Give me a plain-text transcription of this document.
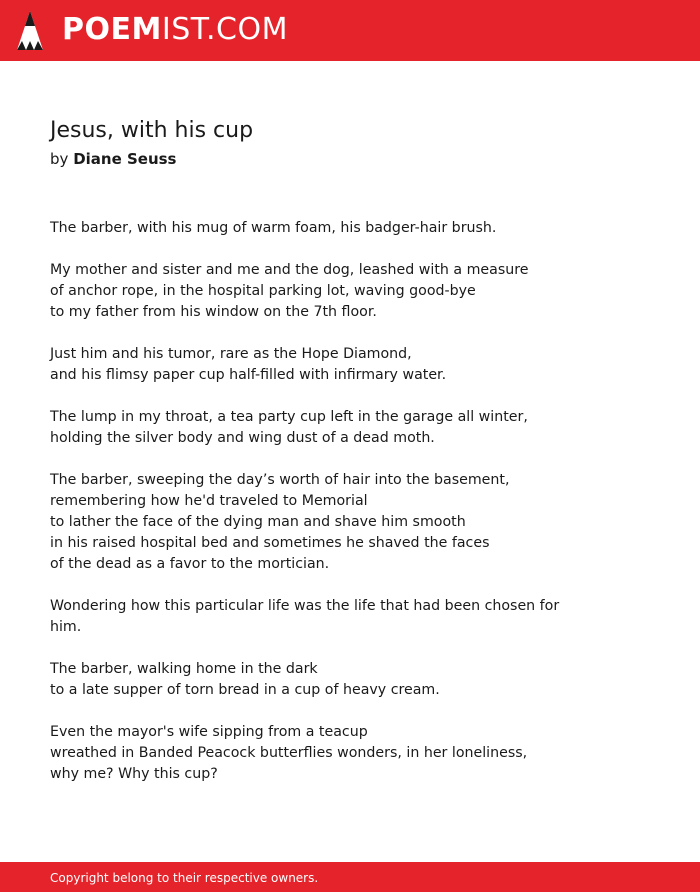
POEMIST.COM
Jesus, with his cup
by Diane Seuss
The barber, with his mug of warm foam, his badger-hair brush.
My mother and sister and me and the dog, leashed with a measure
of anchor rope, in the hospital parking lot, waving good-bye
to my father from his window on the 7th floor.
Just him and his tumor, rare as the Hope Diamond,
and his flimsy paper cup half-filled with infirmary water.
The lump in my throat, a tea party cup left in the garage all winter,
holding the silver body and wing dust of a dead moth.
The barber, sweeping the day’s worth of hair into the basement,
remembering how he'd traveled to Memorial
to lather the face of the dying man and shave him smooth
in his raised hospital bed and sometimes he shaved the faces
of the dead as a favor to the mortician.
Wondering how this particular life was the life that had been chosen for
him.
The barber, walking home in the dark
to a late supper of torn bread in a cup of heavy cream.
Even the mayor's wife sipping from a teacup
wreathed in Banded Peacock butterflies wonders, in her loneliness,
why me? Why this cup?
Copyright belong to their respective owners.
